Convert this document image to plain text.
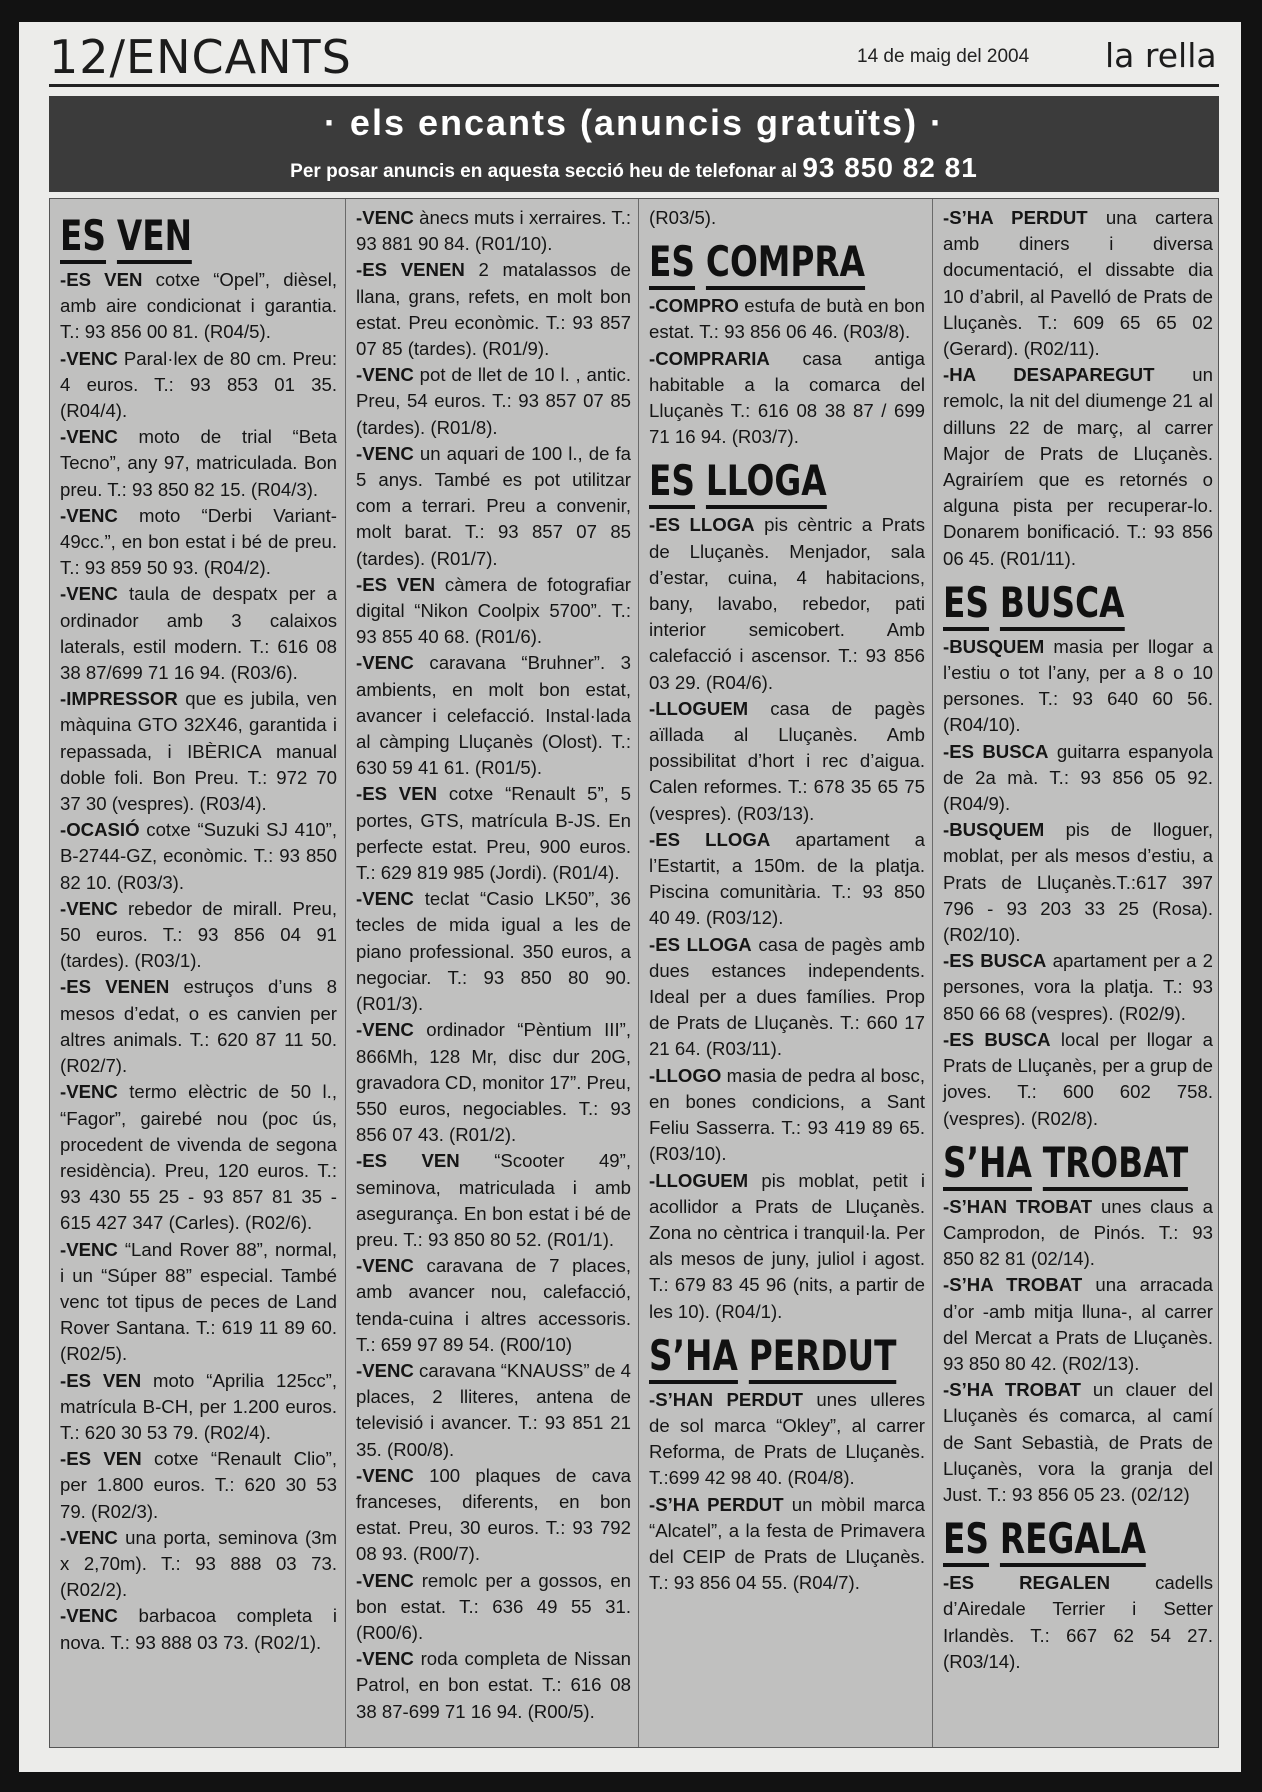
12/ENCANTS	14 de maig del 2004 la rella
· els encants (anuncis gratuïts) ·
Per posar anuncis en aquesta secció heu de telefonar al 93 850 82 81
ES VEN

-ES VEN cotxe “Opel”, dièsel, amb aire condicionat i garantia. T.: 93 856 00 81. (R04/5).

-VENC Paral·lex de 80 cm. Preu: 4 euros. T.: 93 853 01 35. (R04/4).

-VENC moto de trial “Beta Tecno”, any 97, matriculada. Bon preu. T.: 93 850 82 15. (R04/3).

-VENC moto “Derbi Variant-49cc.”, en bon estat i bé de preu. T.: 93 859 50 93. (R04/2).

-VENC taula de despatx per a ordinador amb 3 calaixos laterals, estil modern. T.: 616 08 38 87/699 71 16 94. (R03/6).

-IMPRESSOR que es jubila, ven màquina GTO 32X46, garantida i repassada, i IBÈRICA manual doble foli. Bon Preu. T.: 972 70 37 30 (vespres). (R03/4).

-OCASIÓ cotxe “Suzuki SJ 410”, B-2744-GZ, econòmic. T.: 93 850 82 10. (R03/3).

-VENC rebedor de mirall. Preu, 50 euros. T.: 93 856 04 91 (tardes). (R03/1).

-ES VENEN estruços d’uns 8 mesos d’edat, o es canvien per altres animals. T.: 620 87 11 50. (R02/7).

-VENC termo elèctric de 50 l., “Fagor”, gairebé nou (poc ús, procedent de vivenda de segona residència). Preu, 120 euros. T.: 93 430 55 25 - 93 857 81 35 - 615 427 347 (Carles). (R02/6).

-VENC “Land Rover 88”, normal, i un “Súper 88” especial. També venc tot tipus de peces de Land Rover Santana. T.: 619 11 89 60. (R02/5).

-ES VEN moto “Aprilia 125cc”, matrícula B-CH, per 1.200 euros. T.: 620 30 53 79. (R02/4).

-ES VEN cotxe “Renault Clio”, per 1.800 euros. T.: 620 30 53 79. (R02/3).

-VENC una porta, seminova (3m x 2,70m). T.: 93 888 03 73. (R02/2).

-VENC barbacoa completa i nova. T.: 93 888 03 73. (R02/1).

-VENC ànecs muts i xerraires. T.: 93 881 90 84. (R01/10).

-ES VENEN 2 matalassos de llana, grans, refets, en molt bon estat. Preu econòmic. T.: 93 857 07 85 (tardes). (R01/9).

-VENC pot de llet de 10 l. , antic. Preu, 54 euros. T.: 93 857 07 85 (tardes). (R01/8).

-VENC un aquari de 100 l., de fa 5 anys. També es pot utilitzar com a terrari. Preu a convenir, molt barat. T.: 93 857 07 85 (tardes). (R01/7).

-ES VEN càmera de fotografiar digital “Nikon Coolpix 5700”. T.: 93 855 40 68. (R01/6).

-VENC caravana “Bruhner”. 3 ambients, en molt bon estat, avancer i celefacció. Instal·lada al càmping Lluçanès (Olost). T.: 630 59 41 61. (R01/5).

-ES VEN cotxe “Renault 5”, 5 portes, GTS, matrícula B-JS. En perfecte estat. Preu, 900 euros. T.: 629 819 985 (Jordi). (R01/4).

-VENC teclat “Casio LK50”, 36 tecles de mida igual a les de piano professional. 350 euros, a negociar. T.: 93 850 80 90. (R01/3).

-VENC ordinador “Pèntium III”, 866Mh, 128 Mr, disc dur 20G, gravadora CD, monitor 17”. Preu, 550 euros, negociables. T.: 93 856 07 43. (R01/2).

-ES VEN “Scooter 49”, seminova, matriculada i amb asegurança. En bon estat i bé de preu. T.: 93 850 80 52. (R01/1).

-VENC caravana de 7 places, amb avancer nou, calefacció, tenda-cuina i altres accessoris. T.: 659 97 89 54. (R00/10)

-VENC caravana “KNAUSS” de 4 places, 2 lliteres, antena de televisió i avancer. T.: 93 851 21 35. (R00/8).

-VENC 100 plaques de cava franceses, diferents, en bon estat. Preu, 30 euros. T.: 93 792 08 93. (R00/7).

-VENC remolc per a gossos, en bon estat. T.: 636 49 55 31. (R00/6).

-VENC roda completa de Nissan Patrol, en bon estat. T.: 616 08 38 87-699 71 16 94. (R00/5).

(R03/5).

ES COMPRA

-COMPRO estufa de butà en bon estat. T.: 93 856 06 46. (R03/8).

-COMPRARIA casa antiga habitable a la comarca del Lluçanès T.: 616 08 38 87 / 699 71 16 94. (R03/7).

ES LLOGA

-ES LLOGA pis cèntric a Prats de Lluçanès. Menjador, sala d’estar, cuina, 4 habitacions, bany, lavabo, rebedor, pati interior semicobert. Amb calefacció i ascensor. T.: 93 856 03 29. (R04/6).

-LLOGUEM casa de pagès aïllada al Lluçanès. Amb possibilitat d’hort i rec d’aigua. Calen reformes. T.: 678 35 65 75 (vespres). (R03/13).

-ES LLOGA apartament a l’Estartit, a 150m. de la platja. Piscina comunitària. T.: 93 850 40 49. (R03/12).

-ES LLOGA casa de pagès amb dues estances independents. Ideal per a dues famílies. Prop de Prats de Lluçanès. T.: 660 17 21 64. (R03/11).

-LLOGO masia de pedra al bosc, en bones condicions, a Sant Feliu Sasserra. T.: 93 419 89 65. (R03/10).

-LLOGUEM pis moblat, petit i acollidor a Prats de Lluçanès. Zona no cèntrica i tranquil·la. Per als mesos de juny, juliol i agost. T.: 679 83 45 96 (nits, a partir de les 10). (R04/1).

S’HA PERDUT

-S’HAN PERDUT unes ulleres de sol marca “Okley”, al carrer Reforma, de Prats de Lluçanès. T.:699 42 98 40. (R04/8).

-S’HA PERDUT un mòbil marca “Alcatel”, a la festa de Primavera del CEIP de Prats de Lluçanès. T.: 93 856 04 55. (R04/7).

-S’HA PERDUT una cartera amb diners i diversa documentació, el dissabte dia 10 d’abril, al Pavelló de Prats de Lluçanès. T.: 609 65 65 02 (Gerard). (R02/11).

-HA DESAPAREGUT un remolc, la nit del diumenge 21 al dilluns 22 de març, al carrer Major de Prats de Lluçanès. Agrairíem que es retornés o alguna pista per recuperar-lo. Donarem bonificació. T.: 93 856 06 45. (R01/11).

ES BUSCA

-BUSQUEM masia per llogar a l’estiu o tot l’any, per a 8 o 10 persones. T.: 93 640 60 56. (R04/10).

-ES BUSCA guitarra espanyola de 2a mà. T.: 93 856 05 92. (R04/9).

-BUSQUEM pis de lloguer, moblat, per als mesos d’estiu, a Prats de Lluçanès.T.:617 397 796 - 93 203 33 25 (Rosa). (R02/10).

-ES BUSCA apartament per a 2 persones, vora la platja. T.: 93 850 66 68 (vespres). (R02/9).

-ES BUSCA local per llogar a Prats de Lluçanès, per a grup de joves. T.: 600 602 758. (vespres). (R02/8).

S’HA TROBAT

-S’HAN TROBAT unes claus a Camprodon, de Pinós. T.: 93 850 82 81 (02/14).

-S’HA TROBAT una arracada d’or -amb mitja lluna-, al carrer del Mercat a Prats de Lluçanès. 93 850 80 42. (R02/13).

-S’HA TROBAT un clauer del Lluçanès és comarca, al camí de Sant Sebastià, de Prats de Lluçanès, vora la granja del Just. T.: 93 856 05 23. (02/12)

ES REGALA

-ES REGALEN cadells d’Airedale Terrier i Setter Irlandès. T.: 667 62 54 27. (R03/14).
